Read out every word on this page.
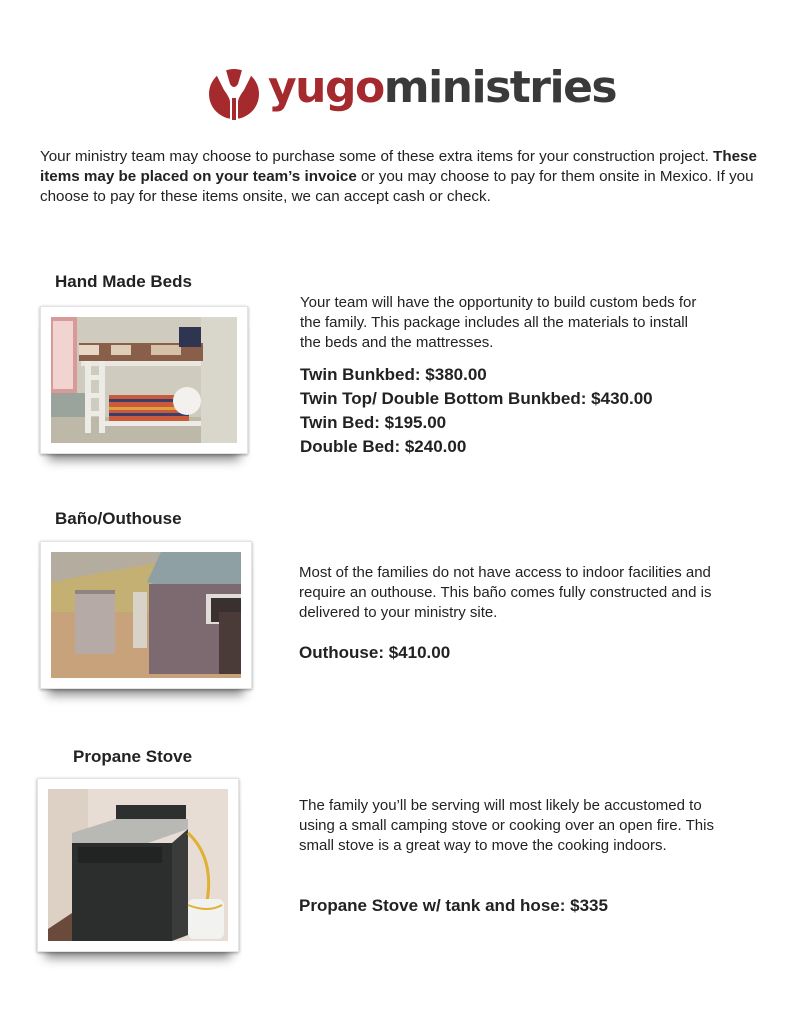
yugoministries
Your ministry team may choose to purchase some of these extra items for your construction project. These items may be placed on your team’s invoice or you may choose to pay for them onsite in Mexico. If you choose to pay for these items onsite, we can accept cash or check.
Hand Made Beds
Your team will have the opportunity to build custom beds for the family. This package includes all the materials to install the beds and the mattresses.
Twin Bunkbed: $380.00
Twin Top/ Double Bottom Bunkbed: $430.00
Twin Bed: $195.00
Double Bed: $240.00
Baño/Outhouse
Most of the families do not have access to indoor facilities and require an outhouse. This baño comes fully constructed and is delivered to your ministry site.
Outhouse: $410.00
Propane Stove
The family you’ll be serving will most likely be accustomed to using a small camping stove or cooking over an open fire. This small stove is a great way to move the cooking indoors.
Propane Stove w/ tank and hose: $335
